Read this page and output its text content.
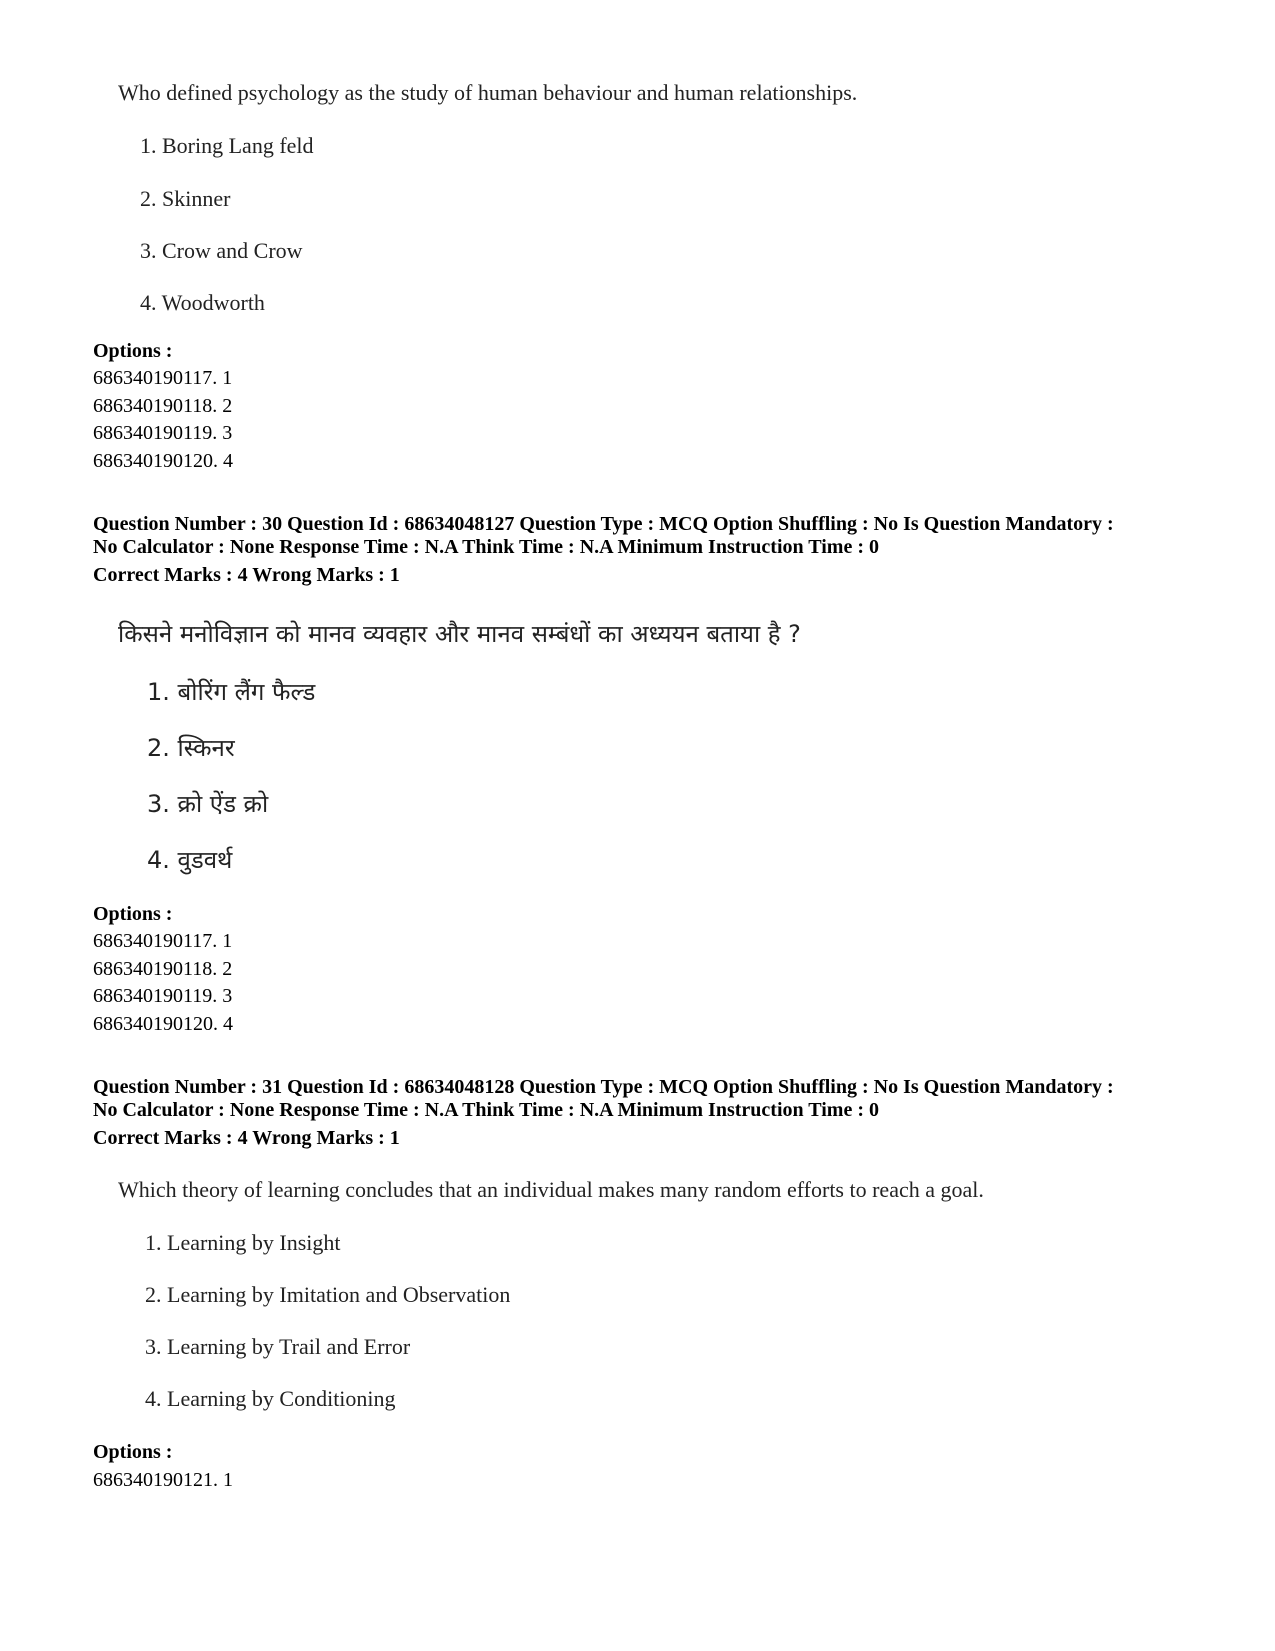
Who defined psychology as the study of human behaviour and human relationships.
1. Boring Lang feld
2. Skinner
3. Crow and Crow
4. Woodworth
Options :
686340190117. 1
686340190118. 2
686340190119. 3
686340190120. 4
Question Number : 30 Question Id : 68634048127 Question Type : MCQ Option Shuffling : No Is Question Mandatory :
No Calculator : None Response Time : N.A Think Time : N.A Minimum Instruction Time : 0
Correct Marks : 4 Wrong Marks : 1
किसने मनोविज्ञान को मानव व्यवहार और मानव सम्बंधों का अध्ययन बताया है ?
1. बोरिंग लैंग फैल्ड
2. स्किनर
3. क्रो ऐंड क्रो
4. वुडवर्थ
Options :
686340190117. 1
686340190118. 2
686340190119. 3
686340190120. 4
Question Number : 31 Question Id : 68634048128 Question Type : MCQ Option Shuffling : No Is Question Mandatory :
No Calculator : None Response Time : N.A Think Time : N.A Minimum Instruction Time : 0
Correct Marks : 4 Wrong Marks : 1
Which theory of learning concludes that an individual makes many random efforts to reach a goal.
1. Learning by Insight
2. Learning by Imitation and Observation
3. Learning by Trail and Error
4. Learning by Conditioning
Options :
686340190121. 1
